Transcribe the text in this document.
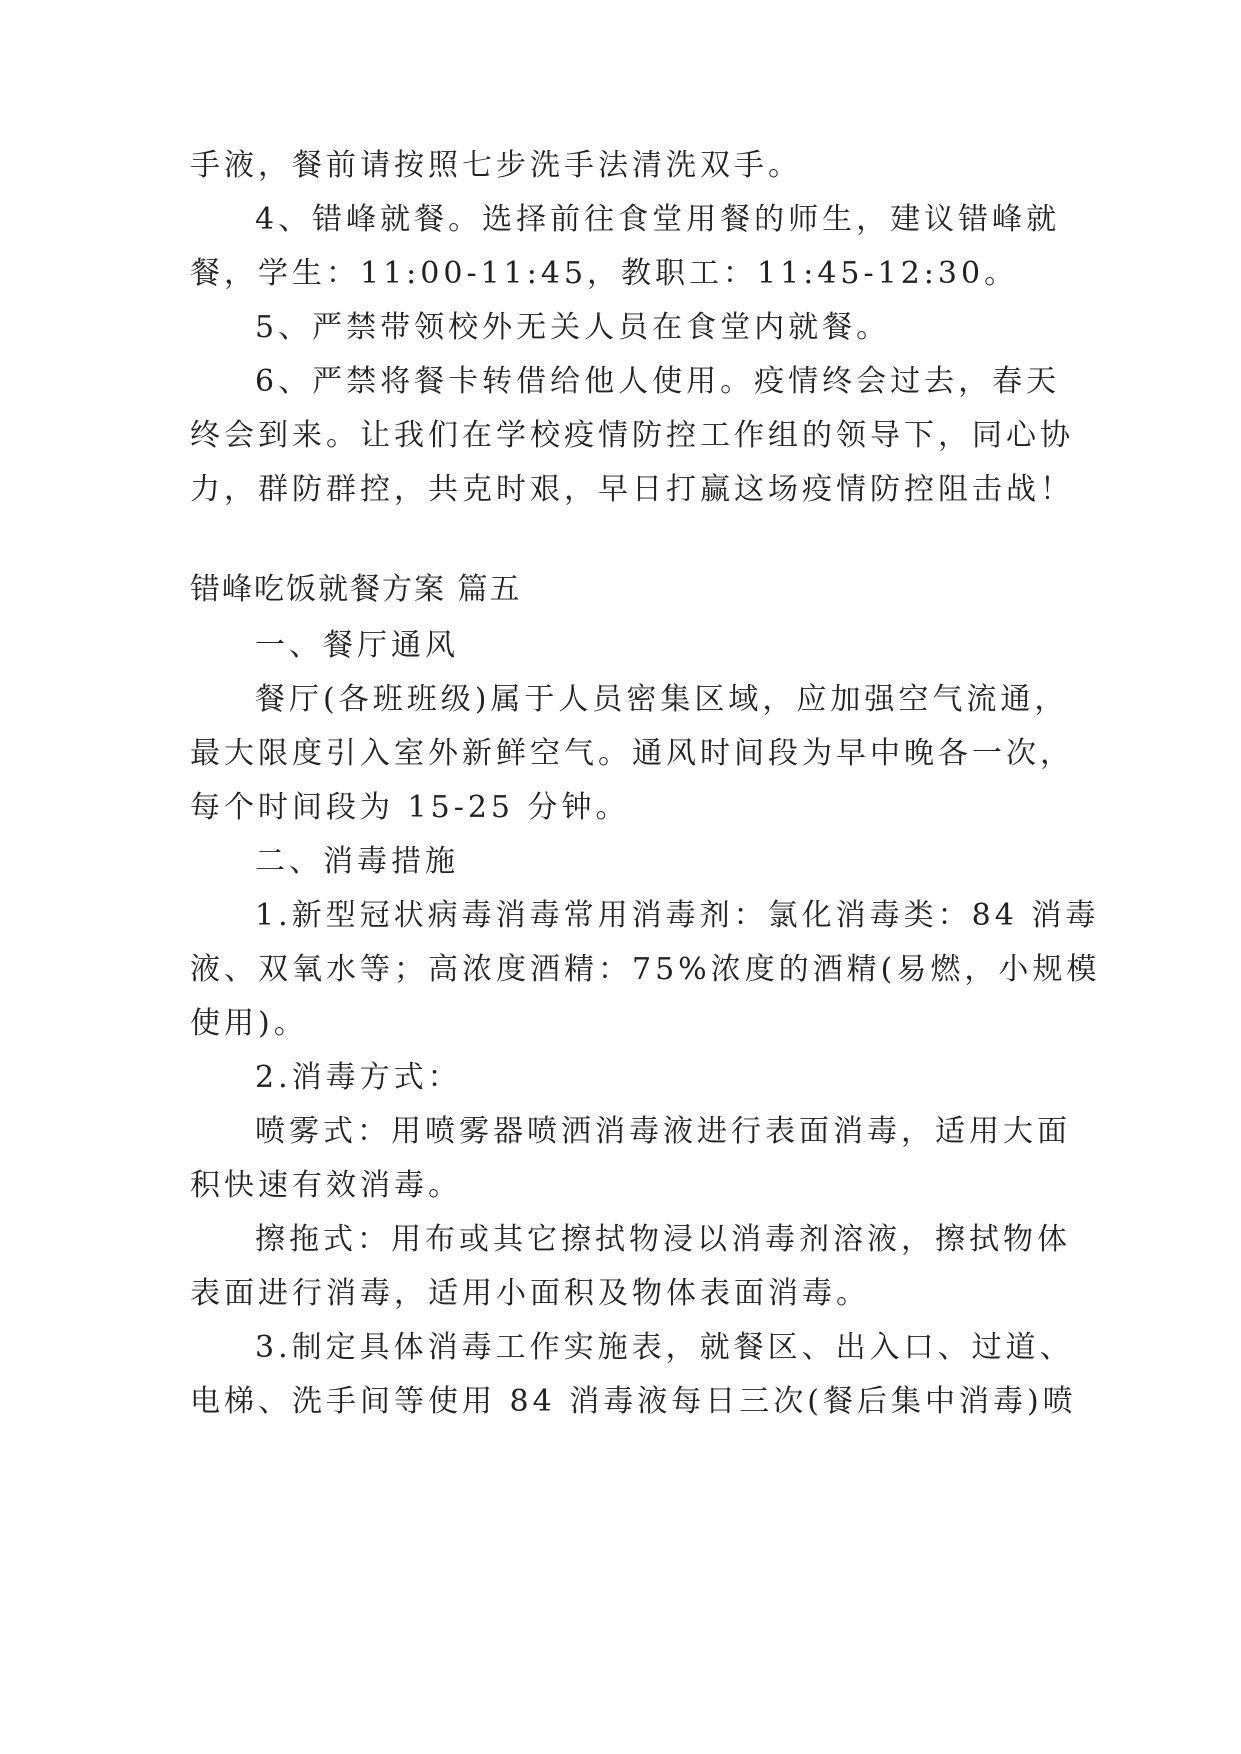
手液，餐前请按照七步洗手法清洗双手。
4、错峰就餐。选择前往食堂用餐的师生，建议错峰就
餐，学生：11:00-11:45，教职工：11:45-12:30。
5、严禁带领校外无关人员在食堂内就餐。
6、严禁将餐卡转借给他人使用。疫情终会过去，春天
终会到来。让我们在学校疫情防控工作组的领导下，同心协
力，群防群控，共克时艰，早日打赢这场疫情防控阻击战！
错峰吃饭就餐方案 篇五
一、餐厅通风
餐厅(各班班级)属于人员密集区域，应加强空气流通，
最大限度引入室外新鲜空气。通风时间段为早中晚各一次，
每个时间段为 15-25 分钟。
二、消毒措施
1.新型冠状病毒消毒常用消毒剂：氯化消毒类：84 消毒
液、双氧水等；高浓度酒精：75%浓度的酒精(易燃，小规模
使用)。
2.消毒方式：
喷雾式：用喷雾器喷洒消毒液进行表面消毒，适用大面
积快速有效消毒。
擦拖式：用布或其它擦拭物浸以消毒剂溶液，擦拭物体
表面进行消毒，适用小面积及物体表面消毒。
3.制定具体消毒工作实施表，就餐区、出入口、过道、
电梯、洗手间等使用 84 消毒液每日三次(餐后集中消毒)喷
